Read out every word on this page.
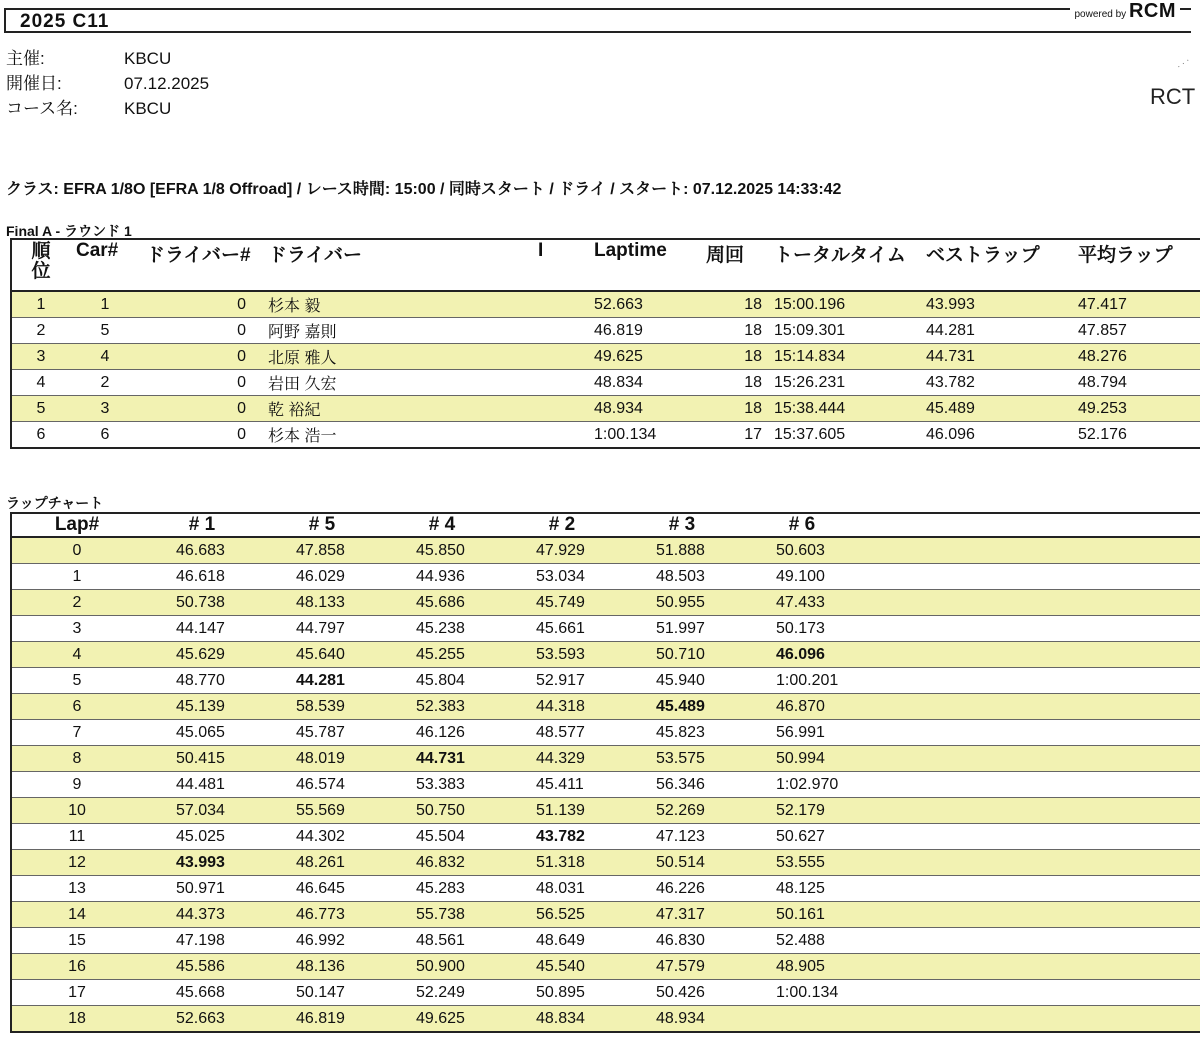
2025 C11	powered by RCM
· · ·
RCT
主催:	KBCU
開催日:	07.12.2025
コース名:	KBCU
クラス: EFRA 1/8O [EFRA 1/8 Offroad] / レース時間: 15:00 / 同時スタート / ドライ / スタート: 07.12.2025 14:33:42
Final A - ラウンド 1
順
位	Car#	ドライバー#	ドライバー	I	Laptime	周回	トータルタイム	ベストラップ	平均ラップ
1	1	0	杉本 毅		52.663	18	15:00.196	43.993	47.417
2	5	0	阿野 嘉則		46.819	18	15:09.301	44.281	47.857
3	4	0	北原 雅人		49.625	18	15:14.834	44.731	48.276
4	2	0	岩田 久宏		48.834	18	15:26.231	43.782	48.794
5	3	0	乾 裕紀		48.934	18	15:38.444	45.489	49.253
6	6	0	杉本 浩一		1:00.134	17	15:37.605	46.096	52.176
ラップチャート
Lap#	# 1	# 5	# 4	# 2	# 3	# 6	
0	46.683	47.858	45.850	47.929	51.888	50.603	
1	46.618	46.029	44.936	53.034	48.503	49.100	
2	50.738	48.133	45.686	45.749	50.955	47.433	
3	44.147	44.797	45.238	45.661	51.997	50.173	
4	45.629	45.640	45.255	53.593	50.710	46.096	
5	48.770	44.281	45.804	52.917	45.940	1:00.201	
6	45.139	58.539	52.383	44.318	45.489	46.870	
7	45.065	45.787	46.126	48.577	45.823	56.991	
8	50.415	48.019	44.731	44.329	53.575	50.994	
9	44.481	46.574	53.383	45.411	56.346	1:02.970	
10	57.034	55.569	50.750	51.139	52.269	52.179	
11	45.025	44.302	45.504	43.782	47.123	50.627	
12	43.993	48.261	46.832	51.318	50.514	53.555	
13	50.971	46.645	45.283	48.031	46.226	48.125	
14	44.373	46.773	55.738	56.525	47.317	50.161	
15	47.198	46.992	48.561	48.649	46.830	52.488	
16	45.586	48.136	50.900	45.540	47.579	48.905	
17	45.668	50.147	52.249	50.895	50.426	1:00.134	
18	52.663	46.819	49.625	48.834	48.934		
